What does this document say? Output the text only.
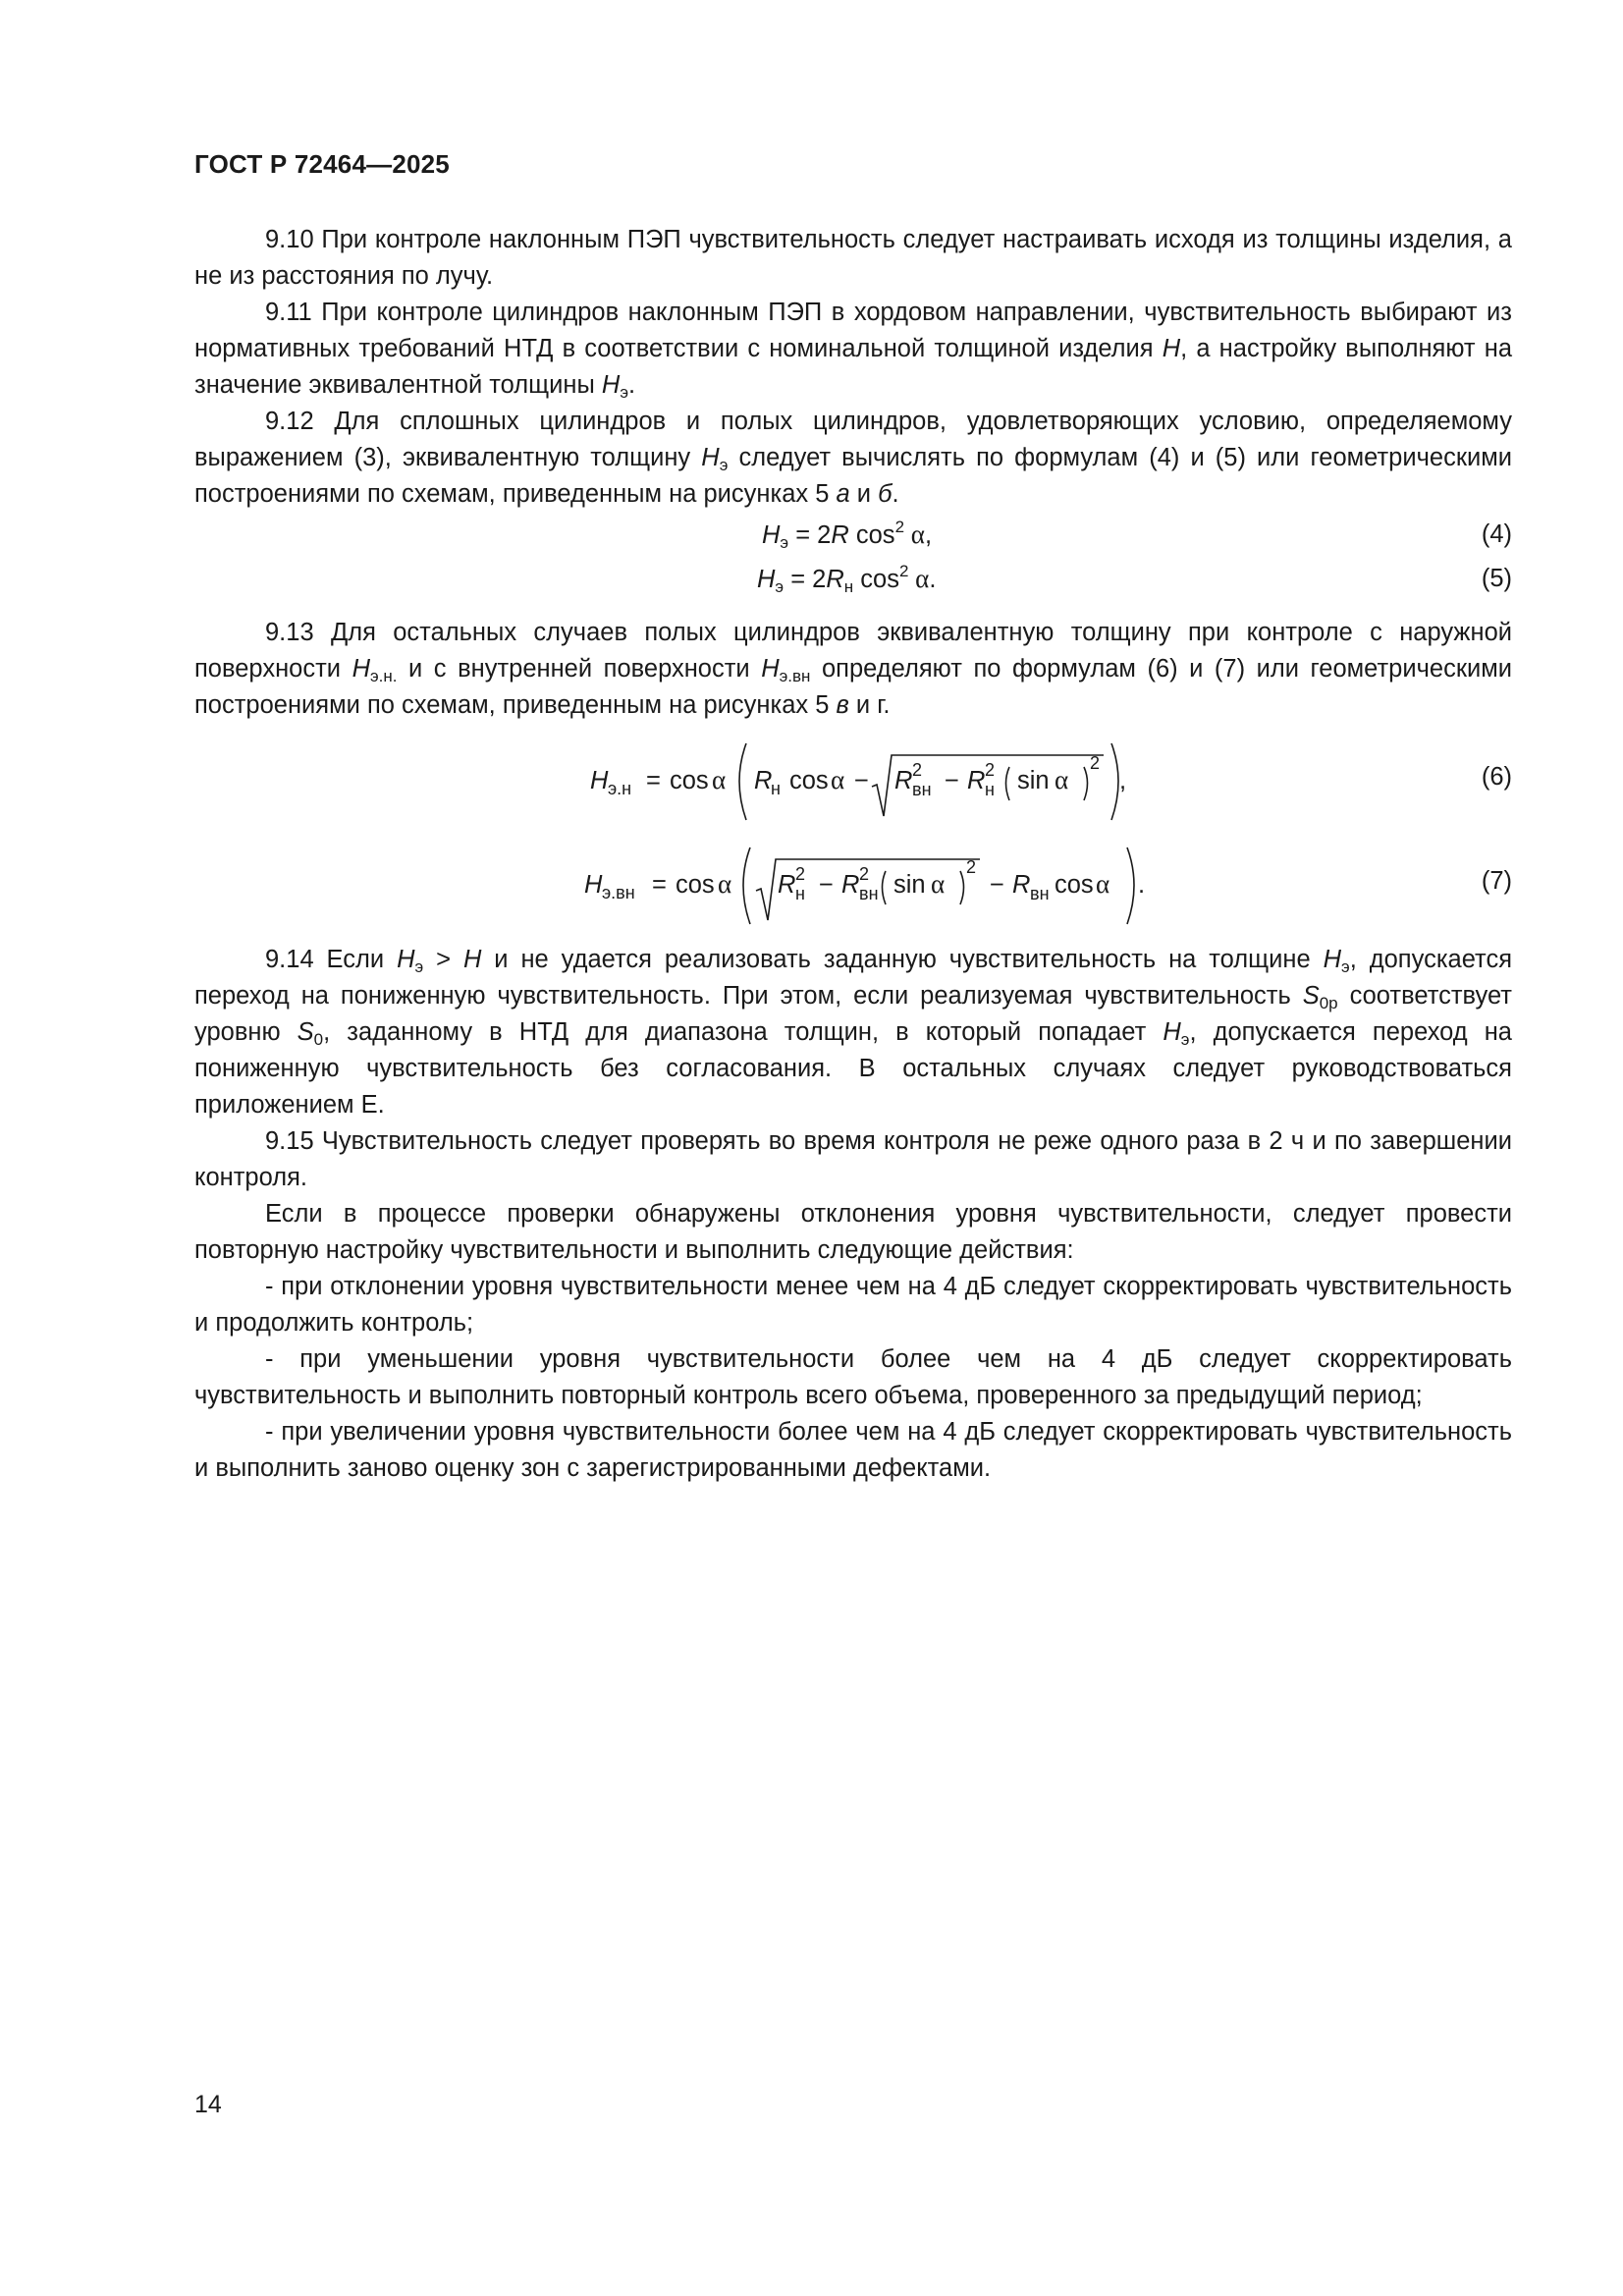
ГОСТ Р 72464—2025

9.10 При контроле наклонным ПЭП чувствительность следует настраивать исходя из толщины изделия, а не из расстояния по лучу.

9.11 При контроле цилиндров наклонным ПЭП в хордовом направлении, чувствительность выбирают из нормативных требований НТД в соответствии с номинальной толщиной изделия H, а настройку выполняют на значение эквивалентной толщины $H_э$.

9.12 Для сплошных цилиндров и полых цилиндров, удовлетворяющих условию, определяемому выражением (3), эквивалентную толщину $H_э$ следует вычислять по формулам (4) и (5) или геометрическими построениями по схемам, приведенным на рисунках 5 а и б.

$H_э = 2R$ $\cos^2 \alpha$,	(4)
$H_э = 2R_н$ $\cos^2 \alpha$.	(5)

9.13 Для остальных случаев полых цилиндров эквивалентную толщину при контроле с наружной поверхности $H_{э.н.}$ и с внутренней поверхности $H_{э.вн}$ определяют по формулам (6) и (7) или геометрическими построениями по схемам, приведенным на рисунках 5 в и г.

H э.н = cos α R
н cos α − R 2
вн − R 2
н sin α
2
,	(6)
H э.вн = cos α R 2
н − R 2
вн sin α
2
− R вн cos α .	(7)

9.14 Если $H_э > H$ и не удается реализовать заданную чувствительность на толщине $H_э$, допускается переход на пониженную чувствительность. При этом, если реализуемая чувствительность $S_{0р}$ соответствует уровню $S_0$, заданному в НТД для диапазона толщин, в который попадает $H_э$, допускается переход на пониженную чувствительность без согласования. В остальных случаях следует руководствоваться приложением Е.

9.15 Чувствительность следует проверять во время контроля не реже одного раза в 2 ч и по завершении контроля.

Если в процессе проверки обнаружены отклонения уровня чувствительности, следует провести повторную настройку чувствительности и выполнить следующие действия:

- при отклонении уровня чувствительности менее чем на 4 дБ следует скорректировать чувствительность и продолжить контроль;

- при уменьшении уровня чувствительности более чем на 4 дБ следует скорректировать чувствительность и выполнить повторный контроль всего объема, проверенного за предыдущий период;

- при увеличении уровня чувствительности более чем на 4 дБ следует скорректировать чувствительность и выполнить заново оценку зон с зарегистрированными дефектами.

14
